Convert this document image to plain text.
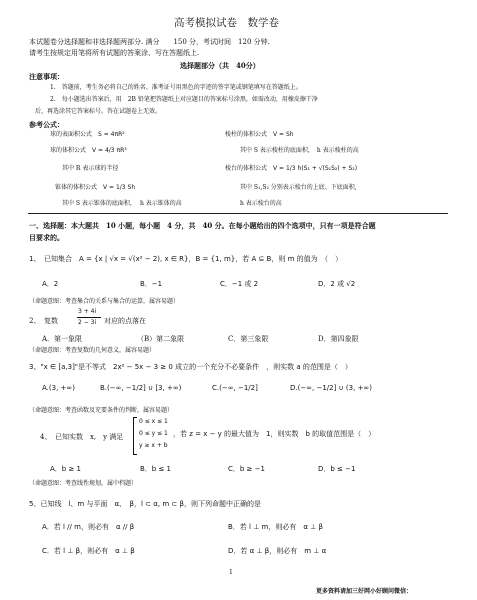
高考模拟试卷　数学卷
本试题卷分选择题和非选择题两部分. 满分　　150 分，考试时间　120 分钟.
请考生按规定用笔将所有试题的答案涂、写在答题纸上.
选择题部分（共　40分）
注意事项：
1.　答题前，考生务必将自己的姓名、准考证号用黑色的字迹的签字笔或钢笔填写在答题纸上。
2.　每小题选出答案后，用　2B 铅笔把答题纸上对应题目的答案标号涂黑，如需改动，用橡皮擦干净
后，再选涂其它答案标号。答在试题卷上无效。
参考公式：
球的表面积公式　S = 4πR²
球的体积公式　V = 4/3 πR³
其中 R 表示球的半径
锥体的体积公式　V = 1/3 Sh
其中 S 表示锥体的底面积， h 表示锥体的高
棱柱的体积公式　V = Sh
其中 S 表示棱柱的底面积，　h 表示棱柱的高
棱台的体积公式　V = 1/3 h(S₁ + √(S₁S₂) + S₂)
其中 S₁,S₂ 分别表示棱台的上底、下底面积,
h 表示棱台的高
一、选择题：本大题共　10 小题，每小题　4 分，共　40 分。在每小题给出的四个选项中，只有一项是符合题
目要求的。
1、　已知集合　A = {x | √x = √(x² − 2), x ∈ R}，B = {1, m}，若 A ⊆ B，则 m 的值为　（　）
A．2	B．−1	C．−1 或 2	D．2 或 √2
（命题意图：考查集合的关系与集合的运算，属容易题）
2、　复数
3 + 4i
2 − 3i 对应的点落在
A．第一象限	（B）第二象限	C．第三象限	D．第四象限
（命题意图：考查复数的几何意义，属容易题）
3、"x ∈ [a,3]"是不等式　2x² − 5x − 3 ≥ 0 成立的一个充分不必要条件　，则实数 a 的范围是（　）
A.(3, +∞)	B.(−∞, −1/2] ∪ [3, +∞)	C.(−∞, −1/2]	D.(−∞, −1/2] ∪ (3, +∞)
（命题意图：考查函数及充要条件的判断，属容易题）
4、　已知实数　x,　y 满足
0 ≤ x ≤ 1
0 ≤ y ≤ 1
y ≥ x + b
，若 z = x − y 的最大值为　1，则实数　b 的取值范围是（　）
A．b ≥ 1	B．b ≤ 1	C．b ≥ −1	D．b ≤ −1
（命题意图：考查线性规划，属中档题）
5、已知线　l、m 与平面　α、　β，l ⊂ α, m ⊂ β，则下列命题中正确的是
A．若 l // m，则必有　α // β	B．若 l ⊥ m，则必有　α ⊥ β
C．若 l ⊥ β，则必有　α ⊥ β	D．若 α ⊥ β，则必有　m ⊥ α
1
更多资料请加三好网小好顾问微信：
